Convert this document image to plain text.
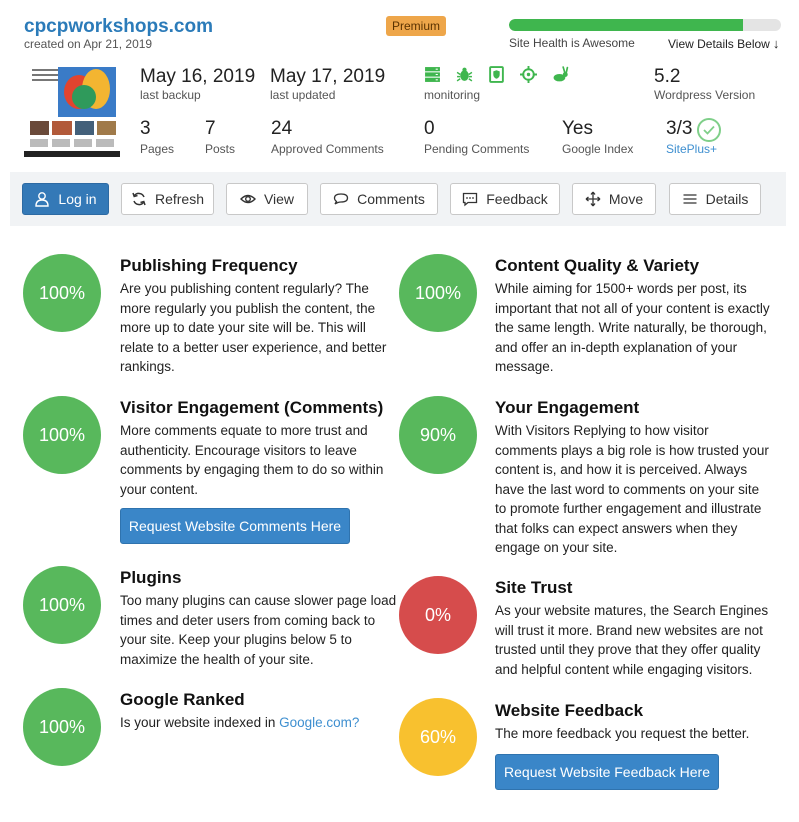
cpcpworkshops.com
created on Apr 21, 2019
Premium
Site Health is Awesome	View Details Below ↓
May 16, 2019
last backup
May 17, 2019
last updated	monitoring
5.2
Wordpress Version
3
Pages
7
Posts
24
Approved Comments
0
Pending Comments
Yes
Google Index
3/3
SitePlus+
Log in	Refresh	View	Comments	Feedback	Move	Details
100%
Publishing Frequency
Are you publishing content regularly? The more regularly you publish the content, the more up to date your site will be. This will relate to a better user experience, and better rankings.
100%
Visitor Engagement (Comments)
More comments equate to more trust and authenticity. Encourage visitors to leave comments by engaging them to do so within your content.
Request Website Comments Here
100%
Plugins
Too many plugins can cause slower page load times and deter users from coming back to your site. Keep your plugins below 5 to maximize the health of your site.
100%
Google Ranked
Is your website indexed in Google.com?
100%
Content Quality & Variety
While aiming for 1500+ words per post, its important that not all of your content is exactly the same length. Write naturally, be thorough, and offer an in-depth explanation of your message.
90%
Your Engagement
With Visitors Replying to how visitor comments plays a big role is how trusted your content is, and how it is perceived. Always have the last word to comments on your site to promote further engagement and illustrate that folks can expect answers when they engage on your site.
0%
Site Trust
As your website matures, the Search Engines will trust it more. Brand new websites are not trusted until they prove that they offer quality and helpful content while engaging visitors.
60%
Website Feedback
The more feedback you request the better.
Request Website Feedback Here
